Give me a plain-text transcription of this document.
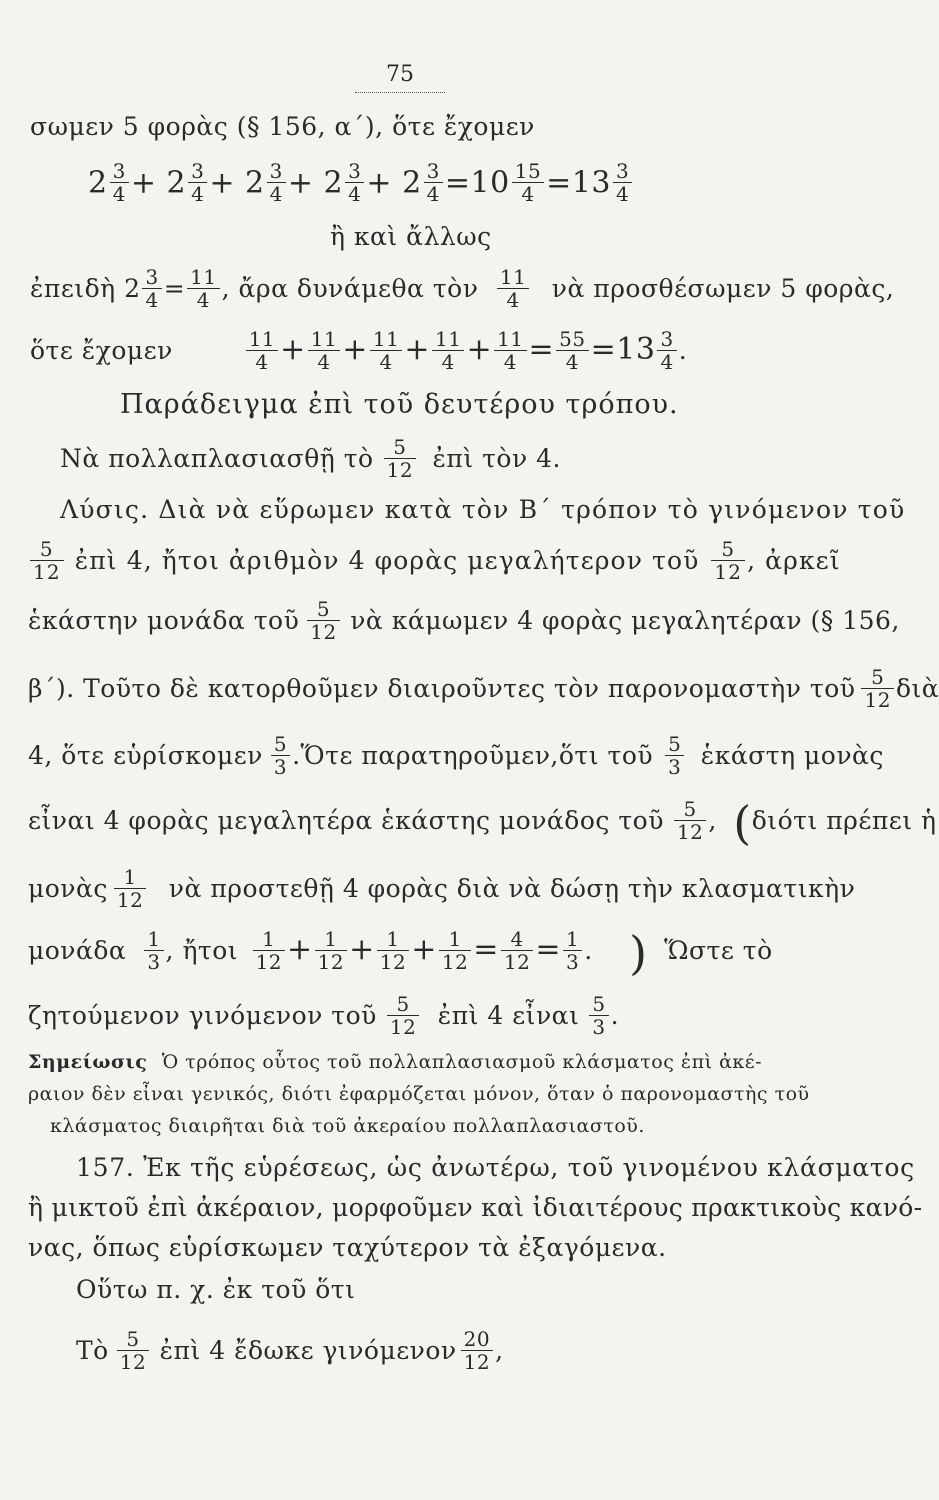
75
σωμεν 5 φορὰς (§ 156, α΄), ὅτε ἔχομεν
$2 \frac{3}{4} + 2 \frac{3}{4} + 2 \frac{3}{4} + 2 \frac{3}{4} + 2 \frac{3}{4} =10 \frac{15}{4} =13 \frac{3}{4}$
ἢ καὶ ἄλλως
ἐπειδὴ $2 \frac{3}{4} = \frac{11}{4}$ , ἄρα δυνάμεθα τὸν $\frac{11}{4}$ νὰ προσθέσωμεν 5 φορὰς,
ὅτε ἔχομεν	$\frac{11}{4} + \frac{11}{4} + \frac{11}{4} + \frac{11}{4} + \frac{11}{4} = \frac{55}{4} =13 \frac{3}{4}$ .
Παράδειγμα ἐπὶ τοῦ δευτέρου τρόπου.
Νὰ πολλαπλασιασθῇ τὸ $\frac{5}{12}$ ἐπὶ τὸν 4.
Λύσις. Διὰ νὰ εὕρωμεν κατὰ τὸν Β΄ τρόπον τὸ γινόμενον τοῦ
$\frac{5}{12}$ ἐπὶ 4, ἤτοι ἀριθμὸν 4 φορὰς μεγαλήτερον τοῦ $\frac{5}{12}$ , ἀρκεῖ
ἑκάστην μονάδα τοῦ $\frac{5}{12}$ νὰ κάμωμεν 4 φορὰς μεγαλητέραν (§ 156,
β΄). Τοῦτο δὲ κατορθοῦμεν διαιροῦντες τὸν παρονομαστὴν τοῦ $\frac{5}{12}$ διὰ
4, ὅτε εὑρίσκομεν $\frac{5}{3}$ .Ὅτε παρατηροῦμεν,ὅτι τοῦ $\frac{5}{3}$ ἑκάστη μονὰς
εἶναι 4 φορὰς μεγαλητέρα ἑκάστης μονάδος τοῦ $\frac{5}{12}$ , (διότι πρέπει ἡ
μονὰς $\frac{1}{12}$ νὰ προστεθῇ 4 φορὰς διὰ νὰ δώσῃ τὴν κλασματικὴν
μονάδα $\frac{1}{3}$ , ἤτοι $\frac{1}{12} + \frac{1}{12} + \frac{1}{12} + \frac{1}{12} = \frac{4}{12} = \frac{1}{3}$ . ) Ὥστε τὸ
ζητούμενον γινόμενον τοῦ $\frac{5}{12}$ ἐπὶ 4 εἶναι $\frac{5}{3}$ .
Σημείωσις Ὁ τρόπος οὗτος τοῦ πολλαπλασιασμοῦ κλάσματος ἐπὶ ἀκέ-
ραιον δὲν εἶναι γενικός, διότι ἐφαρμόζεται μόνον, ὅταν ὁ παρονομαστὴς τοῦ
κλάσματος διαιρῆται διὰ τοῦ ἀκεραίου πολλαπλασιαστοῦ.
157. Ἐκ τῆς εὑρέσεως, ὡς ἀνωτέρω, τοῦ γινομένου κλάσματος
ἢ μικτοῦ ἐπὶ ἀκέραιον, μορφοῦμεν καὶ ἰδιαιτέρους πρακτικοὺς κανό-
νας, ὅπως εὑρίσκωμεν ταχύτερον τὰ ἐξαγόμενα.
Οὕτω π. χ. ἐκ τοῦ ὅτι
Τὸ $\frac{5}{12}$ ἐπὶ 4 ἔδωκε γινόμενον $\frac{20}{12}$ ,
